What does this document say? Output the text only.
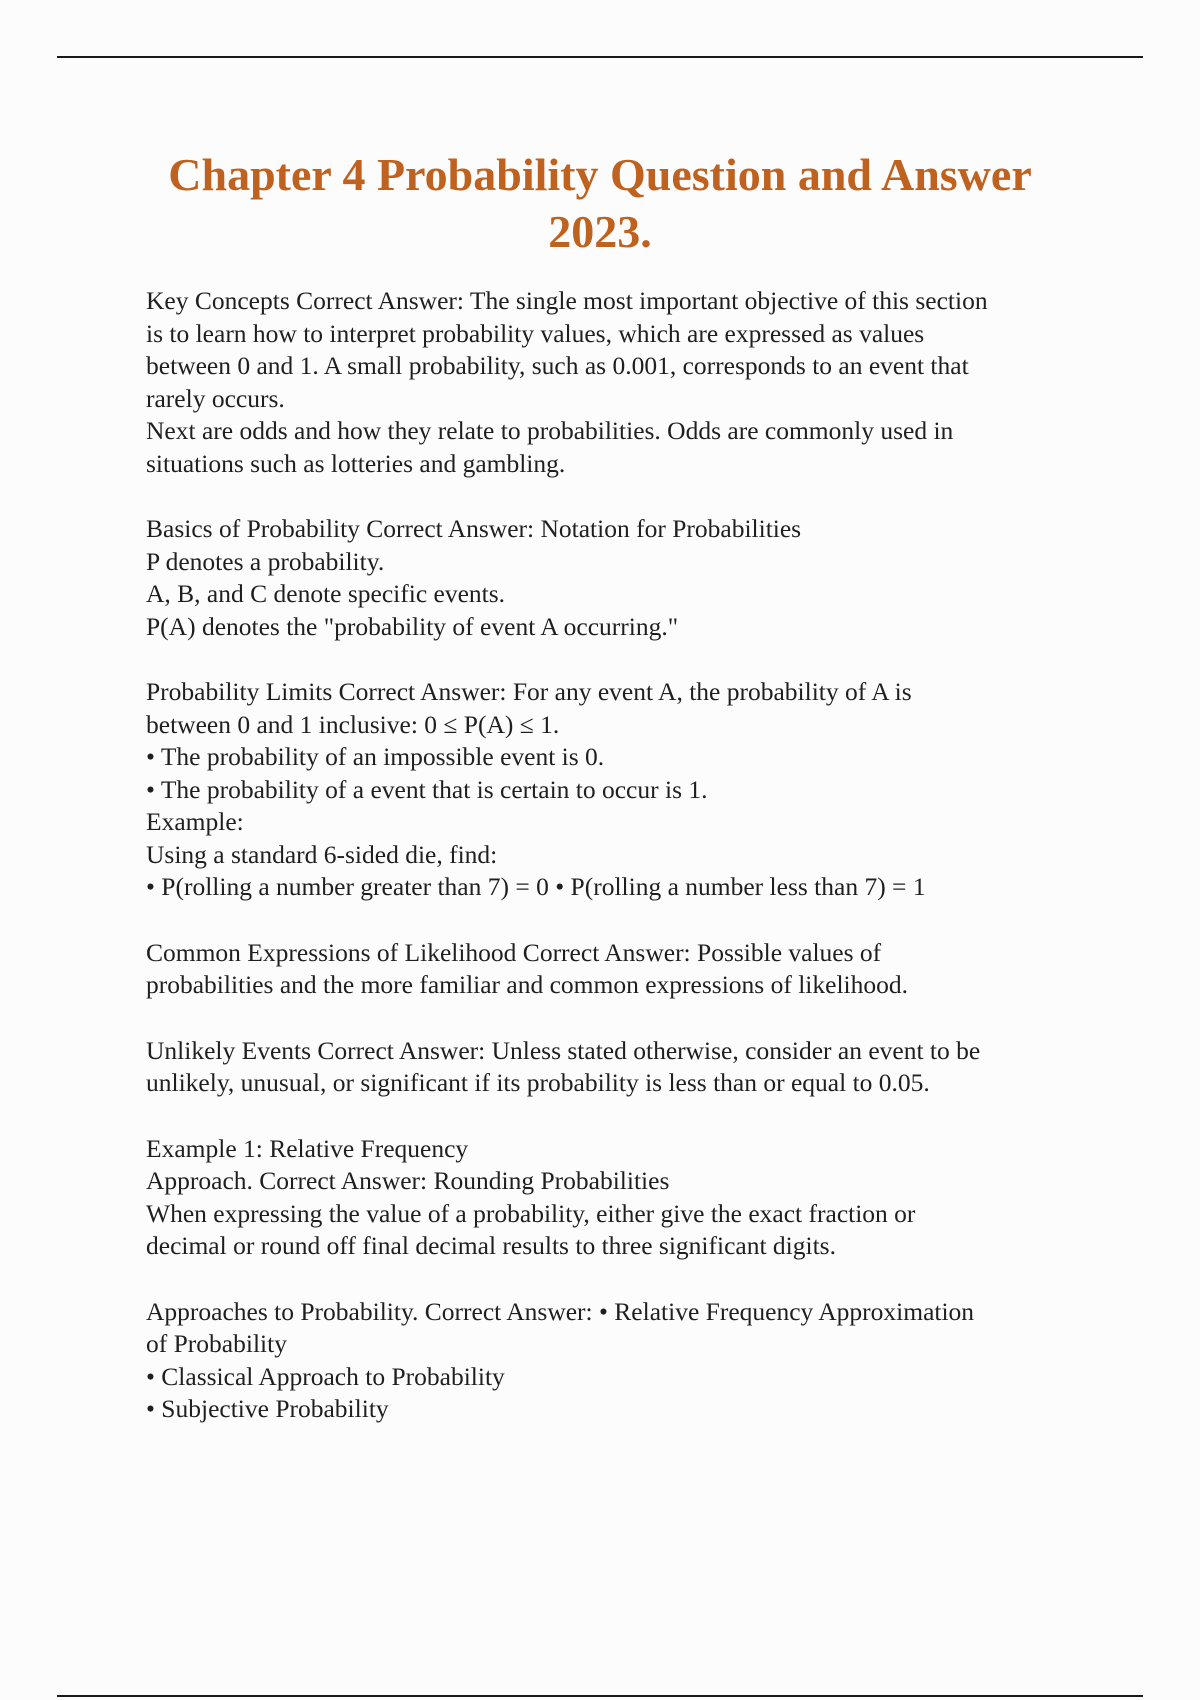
Chapter 4 Probability Question and Answer
2023.
Key Concepts Correct Answer: The single most important objective of this section
is to learn how to interpret probability values, which are expressed as values
between 0 and 1. A small probability, such as 0.001, corresponds to an event that
rarely occurs.
Next are odds and how they relate to probabilities. Odds are commonly used in
situations such as lotteries and gambling.
Basics of Probability Correct Answer: Notation for Probabilities
P denotes a probability.
A, B, and C denote specific events.
P(A) denotes the "probability of event A occurring."
Probability Limits Correct Answer: For any event A, the probability of A is
between 0 and 1 inclusive: 0 ≤ P(A) ≤ 1.
• The probability of an impossible event is 0.
• The probability of a event that is certain to occur is 1.
Example:
Using a standard 6-sided die, find:
• P(rolling a number greater than 7) = 0 • P(rolling a number less than 7) = 1
Common Expressions of Likelihood Correct Answer: Possible values of
probabilities and the more familiar and common expressions of likelihood.
Unlikely Events Correct Answer: Unless stated otherwise, consider an event to be
unlikely, unusual, or significant if its probability is less than or equal to 0.05.
Example 1: Relative Frequency
Approach. Correct Answer: Rounding Probabilities
When expressing the value of a probability, either give the exact fraction or
decimal or round off final decimal results to three significant digits.
Approaches to Probability. Correct Answer: • Relative Frequency Approximation
of Probability
• Classical Approach to Probability
• Subjective Probability
